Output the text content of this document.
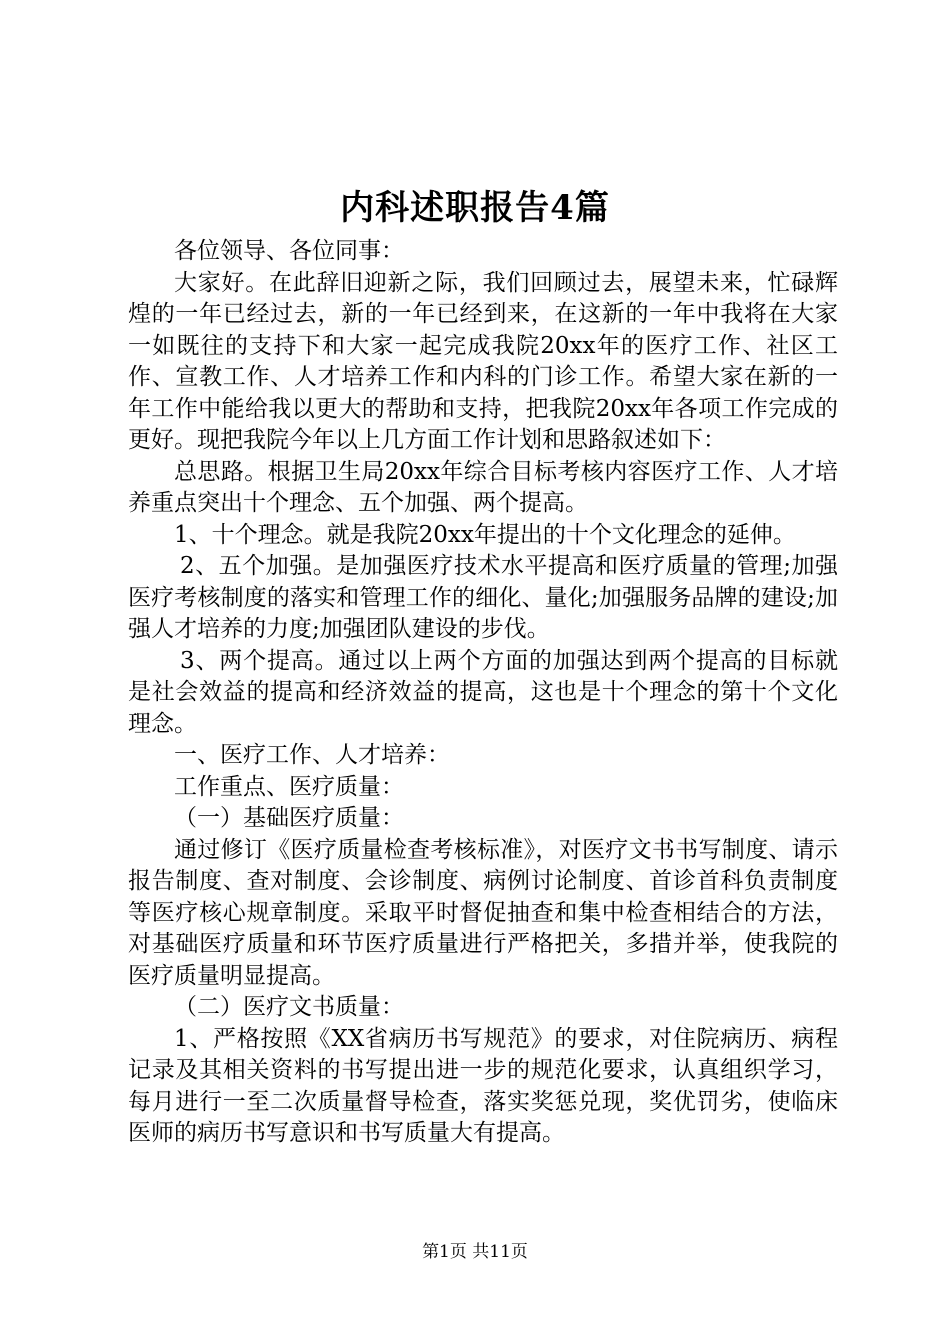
内科述职报告4篇

各位领导、各位同事：

大家好。在此辞旧迎新之际，我们回顾过去，展望未来，忙碌辉煌的一年已经过去，新的一年已经到来，在这新的一年中我将在大家一如既往的支持下和大家一起完成我院20xx年的医疗工作、社区工作、宣教工作、人才培养工作和内科的门诊工作。希望大家在新的一年工作中能给我以更大的帮助和支持，把我院20xx年各项工作完成的更好。现把我院今年以上几方面工作计划和思路叙述如下：

总思路。根据卫生局20xx年综合目标考核内容医疗工作、人才培养重点突出十个理念、五个加强、两个提高。

1、十个理念。就是我院20xx年提出的十个文化理念的延伸。

2、五个加强。是加强医疗技术水平提高和医疗质量的管理;加强医疗考核制度的落实和管理工作的细化、量化;加强服务品牌的建设;加强人才培养的力度;加强团队建设的步伐。

3、两个提高。通过以上两个方面的加强达到两个提高的目标就是社会效益的提高和经济效益的提高，这也是十个理念的第十个文化理念。

一、医疗工作、人才培养：

工作重点、医疗质量：

（一）基础医疗质量：

通过修订《医疗质量检查考核标准》，对医疗文书书写制度、请示报告制度、查对制度、会诊制度、病例讨论制度、首诊首科负责制度等医疗核心规章制度。采取平时督促抽查和集中检查相结合的方法，对基础医疗质量和环节医疗质量进行严格把关，多措并举，使我院的医疗质量明显提高。

（二）医疗文书质量：

1、严格按照《XX省病历书写规范》的要求，对住院病历、病程记录及其相关资料的书写提出进一步的规范化要求，认真组织学习，每月进行一至二次质量督导检查，落实奖惩兑现，奖优罚劣，使临床医师的病历书写意识和书写质量大有提高。

第1页 共11页
